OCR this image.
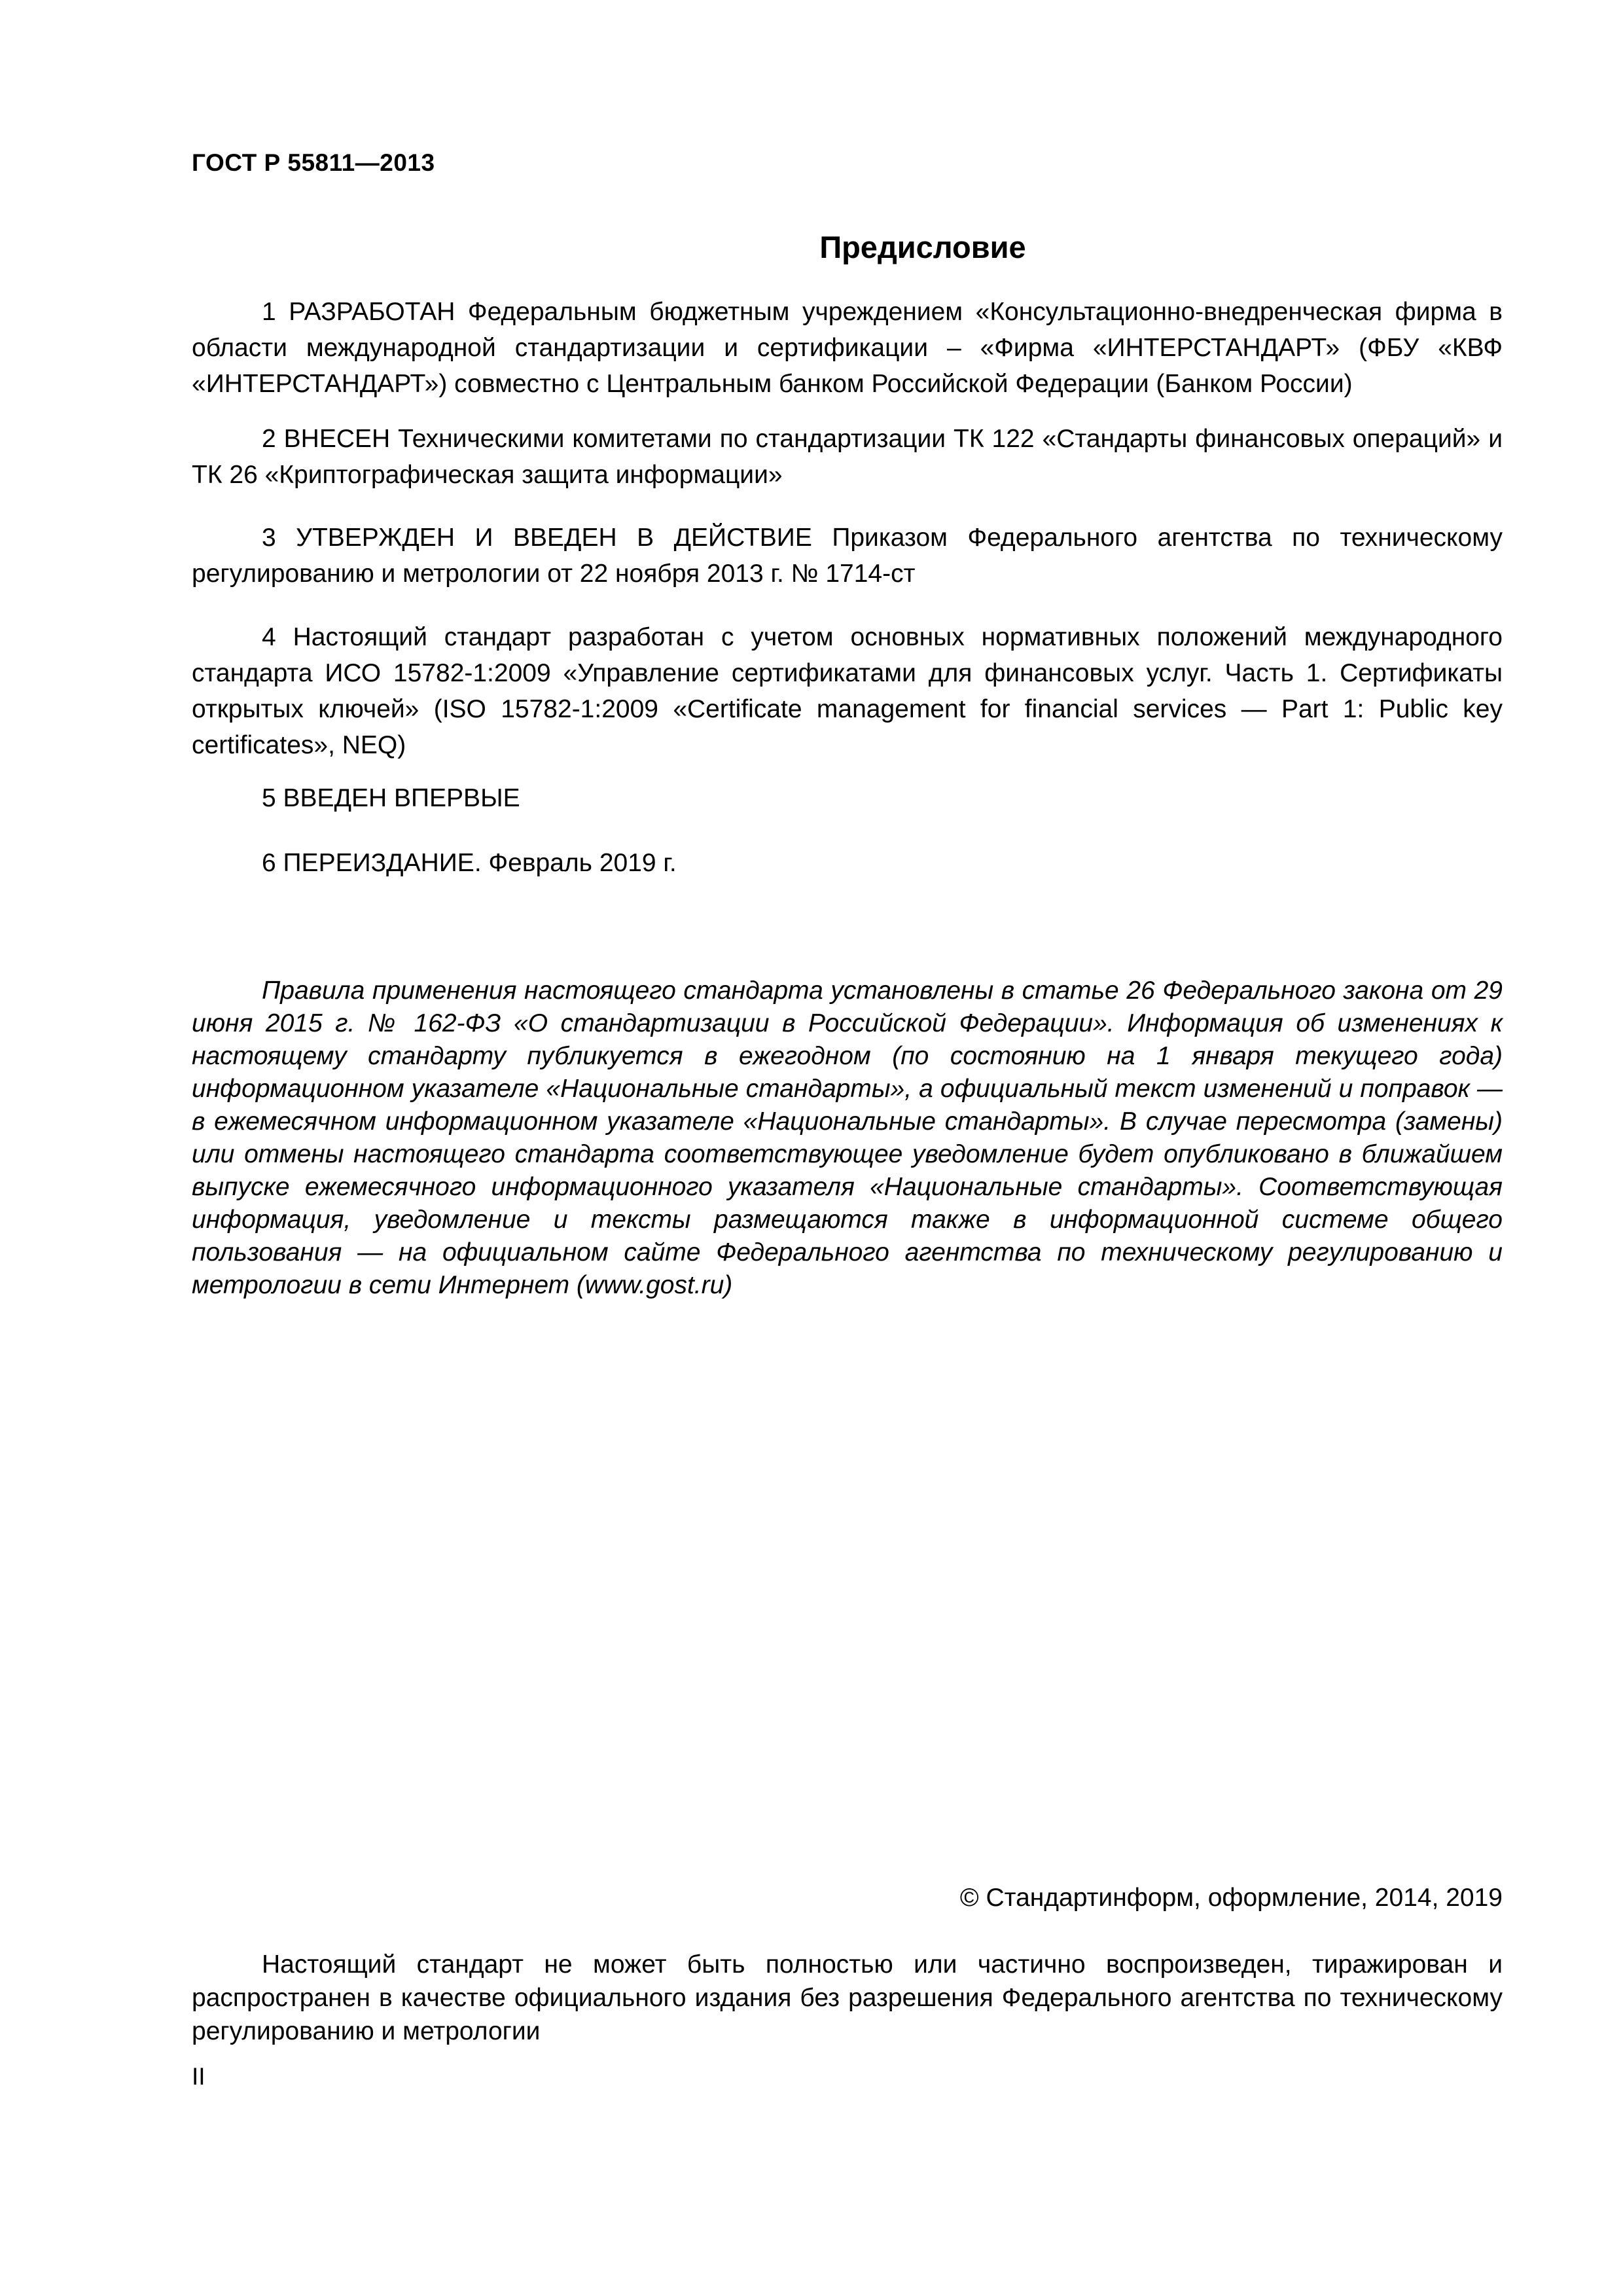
ГОСТ Р 55811—2013
Предисловие

1 РАЗРАБОТАН Федеральным бюджетным учреждением «Консультационно-внедренческая фирма в области международной стандартизации и сертификации – «Фирма «ИНТЕРСТАНДАРТ» (ФБУ «КВФ «ИНТЕРСТАНДАРТ») совместно с Центральным банком Российской Федерации (Банком России)

2 ВНЕСЕН Техническими комитетами по стандартизации ТК 122 «Стандарты финансовых операций» и ТК 26 «Криптографическая защита информации»

3 УТВЕРЖДЕН И ВВЕДЕН В ДЕЙСТВИЕ Приказом Федерального агентства по техническому регулированию и метрологии от 22 ноября 2013 г. № 1714-ст

4 Настоящий стандарт разработан с учетом основных нормативных положений международного стандарта ИСО 15782-1:2009 «Управление сертификатами для финансовых услуг. Часть 1. Сертификаты открытых ключей» (ISO 15782-1:2009 «Certificate management for financial services — Part 1: Public key certificates», NEQ)

5 ВВЕДЕН ВПЕРВЫЕ

6 ПЕРЕИЗДАНИЕ. Февраль 2019 г.

Правила применения настоящего стандарта установлены в статье 26 Федерального закона от 29 июня 2015 г. № 162-ФЗ «О стандартизации в Российской Федерации». Информация об изменениях к настоящему стандарту публикуется в ежегодном (по состоянию на 1 января текущего года) информационном указателе «Национальные стандарты», а официальный текст изменений и поправок — в ежемесячном информационном указателе «Национальные стандарты». В случае пересмотра (замены) или отмены настоящего стандарта соответствующее уведомление будет опубликовано в ближайшем выпуске ежемесячного информационного указателя «Национальные стандарты». Соответствующая информация, уведомление и тексты размещаются также в информационной системе общего пользования — на официальном сайте Федерального агентства по техническому регулированию и метрологии в сети Интернет (www.gost.ru)

© Стандартинформ, оформление, 2014, 2019

Настоящий стандарт не может быть полностью или частично воспроизведен, тиражирован и распространен в качестве официального издания без разрешения Федерального агентства по техническому регулированию и метрологии

II
